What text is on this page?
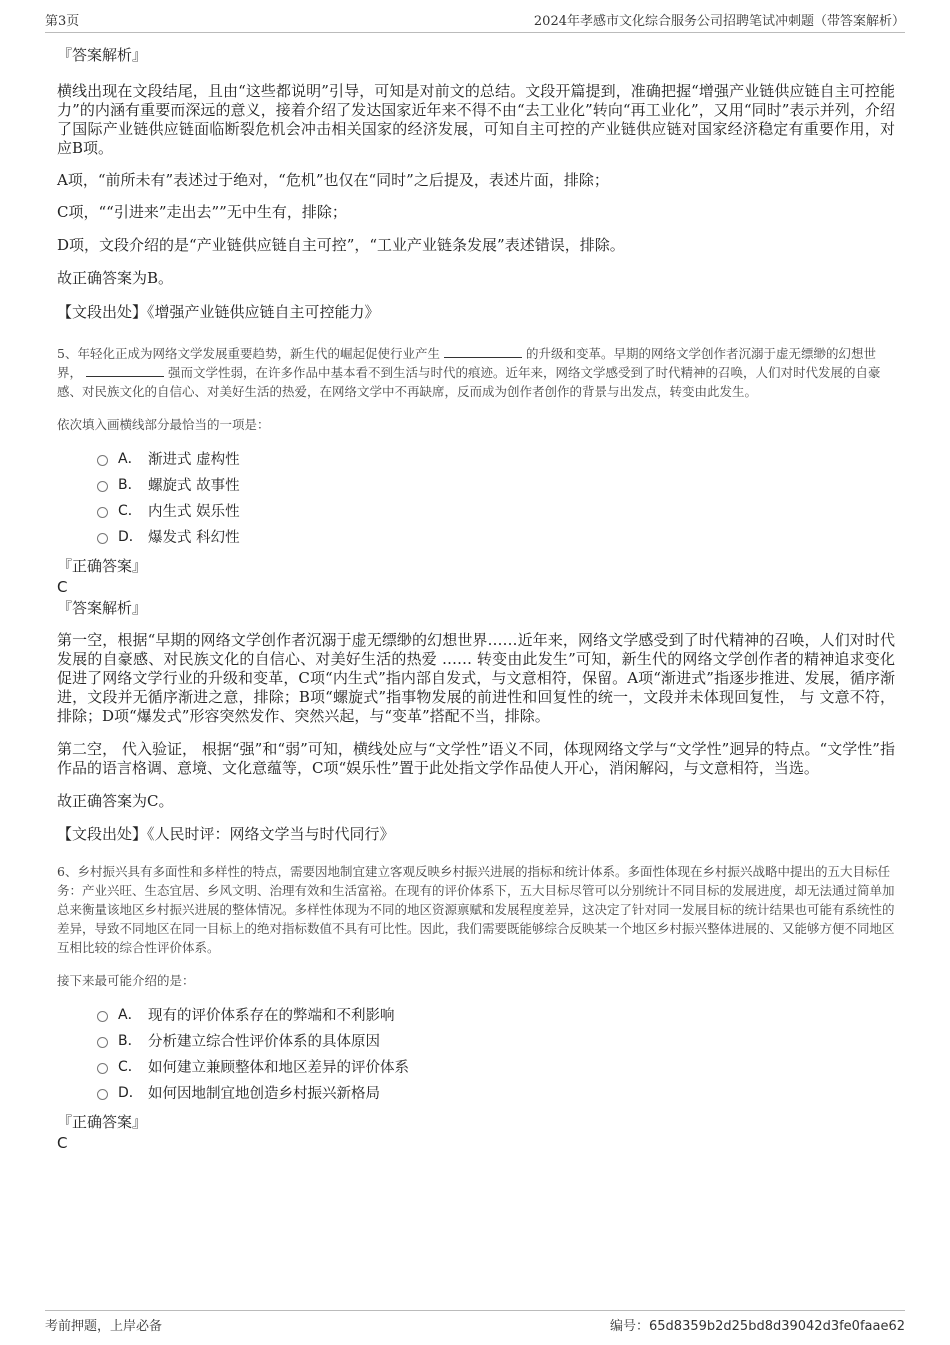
第3页	2024年孝感市文化综合服务公司招聘笔试冲刺题（带答案解析）

『答案解析』

横线出现在文段结尾，且由“这些都说明”引导，可知是对前文的总结。文段开篇提到，准确把握“增强产业链供应链自主可控能力”的内涵有重要而深远的意义，接着介绍了发达国家近年来不得不由“去工业化”转向“再工业化”，又用“同时”表示并列，介绍了国际产业链供应链面临断裂危机会冲击相关国家的经济发展，可知自主可控的产业链供应链对国家经济稳定有重要作用，对应B项。

A项，“前所未有”表述过于绝对，“危机”也仅在“同时”之后提及，表述片面，排除；

C项，““引进来”走出去””无中生有，排除；

D项，文段介绍的是“产业链供应链自主可控”，“工业产业链条发展”表述错误，排除。

故正确答案为B。

【文段出处】《增强产业链供应链自主可控能力》

5、年轻化正成为网络文学发展重要趋势，新生代的崛起促使行业产生	的升级和变革。早期的网络文学创作者沉溺于虚无缥缈的幻想世界，	强而文学性弱，在许多作品中基本看不到生活与时代的痕迹。近年来，网络文学感受到了时代精神的召唤，人们对时代发展的自豪感、对民族文化的自信心、对美好生活的热爱，在网络文学中不再缺席，反而成为创作者创作的背景与出发点，转变由此发生。

依次填入画横线部分最恰当的一项是：

A． 渐进式 虚构性
B． 螺旋式 故事性
C． 内生式 娱乐性
D． 爆发式 科幻性

『正确答案』

C

『答案解析』

第一空，根据“早期的网络文学创作者沉溺于虚无缥缈的幻想世界……近年来，网络文学感受到了时代精神的召唤，人们对时代发展的自豪感、对民族文化的自信心、对美好生活的热爱 …… 转变由此发生”可知，新生代的网络文学创作者的精神追求变化促进了网络文学行业的升级和变革，C项“内生式”指内部自发式，与文意相符，保留。A项“渐进式”指逐步推进、发展，循序渐进，文段并无循序渐进之意，排除；B项“螺旋式”指事物发展的前进性和回复性的统一，文段并未体现回复性， 与 文意不符，排除；D项“爆发式”形容突然发作、突然兴起，与“变革”搭配不当，排除。

第二空， 代入验证， 根据“强”和“弱”可知，横线处应与“文学性”语义不同，体现网络文学与“文学性”迥异的特点。“文学性”指作品的语言格调、意境、文化意蕴等，C项“娱乐性”置于此处指文学作品使人开心，消闲解闷，与文意相符，当选。

故正确答案为C。

【文段出处】《人民时评：网络文学当与时代同行》

6、乡村振兴具有多面性和多样性的特点，需要因地制宜建立客观反映乡村振兴进展的指标和统计体系。多面性体现在乡村振兴战略中提出的五大目标任务：产业兴旺、生态宜居、乡风文明、治理有效和生活富裕。在现有的评价体系下，五大目标尽管可以分别统计不同目标的发展进度，却无法通过简单加总来衡量该地区乡村振兴进展的整体情况。多样性体现为不同的地区资源禀赋和发展程度差异，这决定了针对同一发展目标的统计结果也可能有系统性的差异，导致不同地区在同一目标上的绝对指标数值不具有可比性。因此，我们需要既能够综合反映某一个地区乡村振兴整体进展的、又能够方便不同地区互相比较的综合性评价体系。

接下来最可能介绍的是：

A． 现有的评价体系存在的弊端和不利影响
B． 分析建立综合性评价体系的具体原因
C． 如何建立兼顾整体和地区差异的评价体系
D． 如何因地制宜地创造乡村振兴新格局

『正确答案』

C
考前押题，上岸必备	编号：65d8359b2d25bd8d39042d3fe0faae62
